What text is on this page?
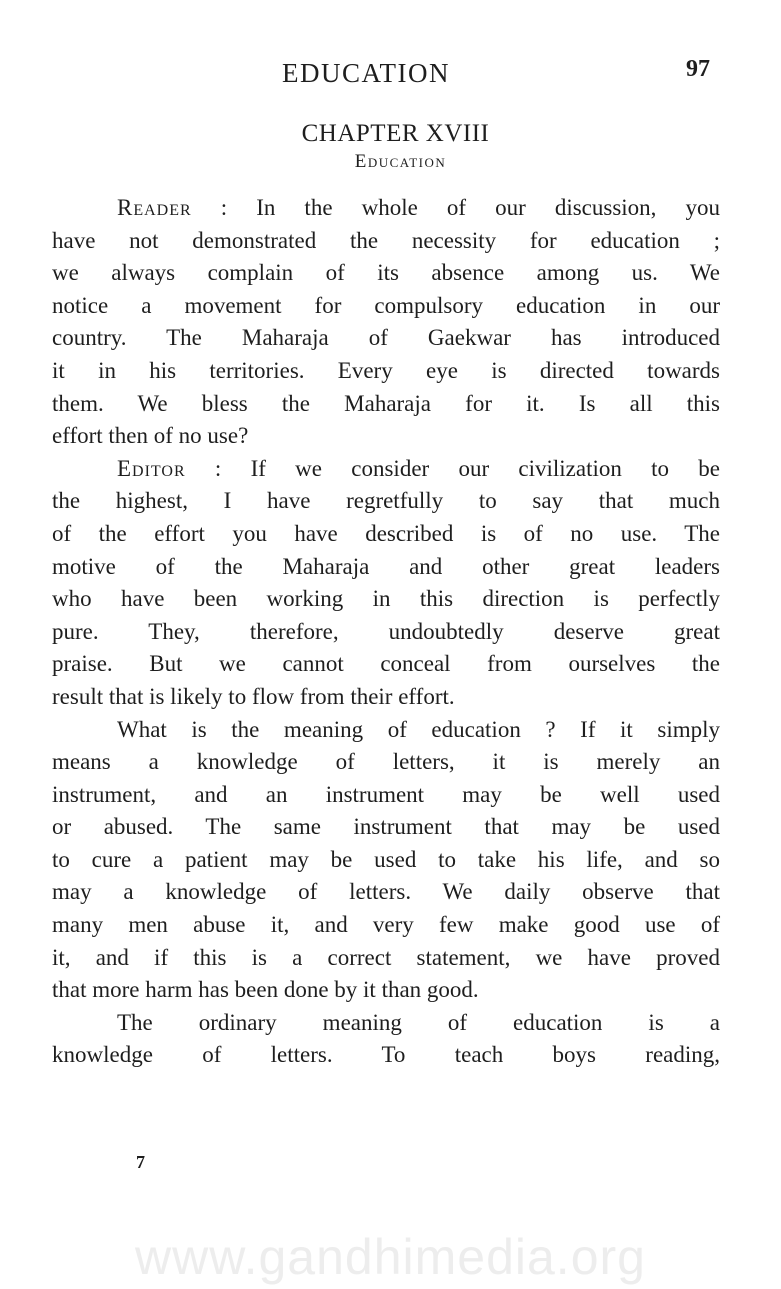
EDUCATION	97
CHAPTER XVIII
Education
Reader : In the whole of our discussion, you
have not demonstrated the necessity for education ;
we always complain of its absence among us. We
notice a movement for compulsory education in our
country. The Maharaja of Gaekwar has introduced
it in his territories. Every eye is directed towards
them. We bless the Maharaja for it. Is all this
effort then of no use?
Editor : If we consider our civilization to be
the highest, I have regretfully to say that much
of the effort you have described is of no use. The
motive of the Maharaja and other great leaders
who have been working in this direction is perfectly
pure. They, therefore, undoubtedly deserve great
praise. But we cannot conceal from ourselves the
result that is likely to flow from their effort.
What is the meaning of education ? If it simply
means a knowledge of letters, it is merely an
instrument, and an instrument may be well used
or abused. The same instrument that may be used
to cure a patient may be used to take his life, and so
may a knowledge of letters. We daily observe that
many men abuse it, and very few make good use of
it, and if this is a correct statement, we have proved
that more harm has been done by it than good.
The ordinary meaning of education is a
knowledge of letters. To teach boys reading,
7
www.gandhimedia.org
